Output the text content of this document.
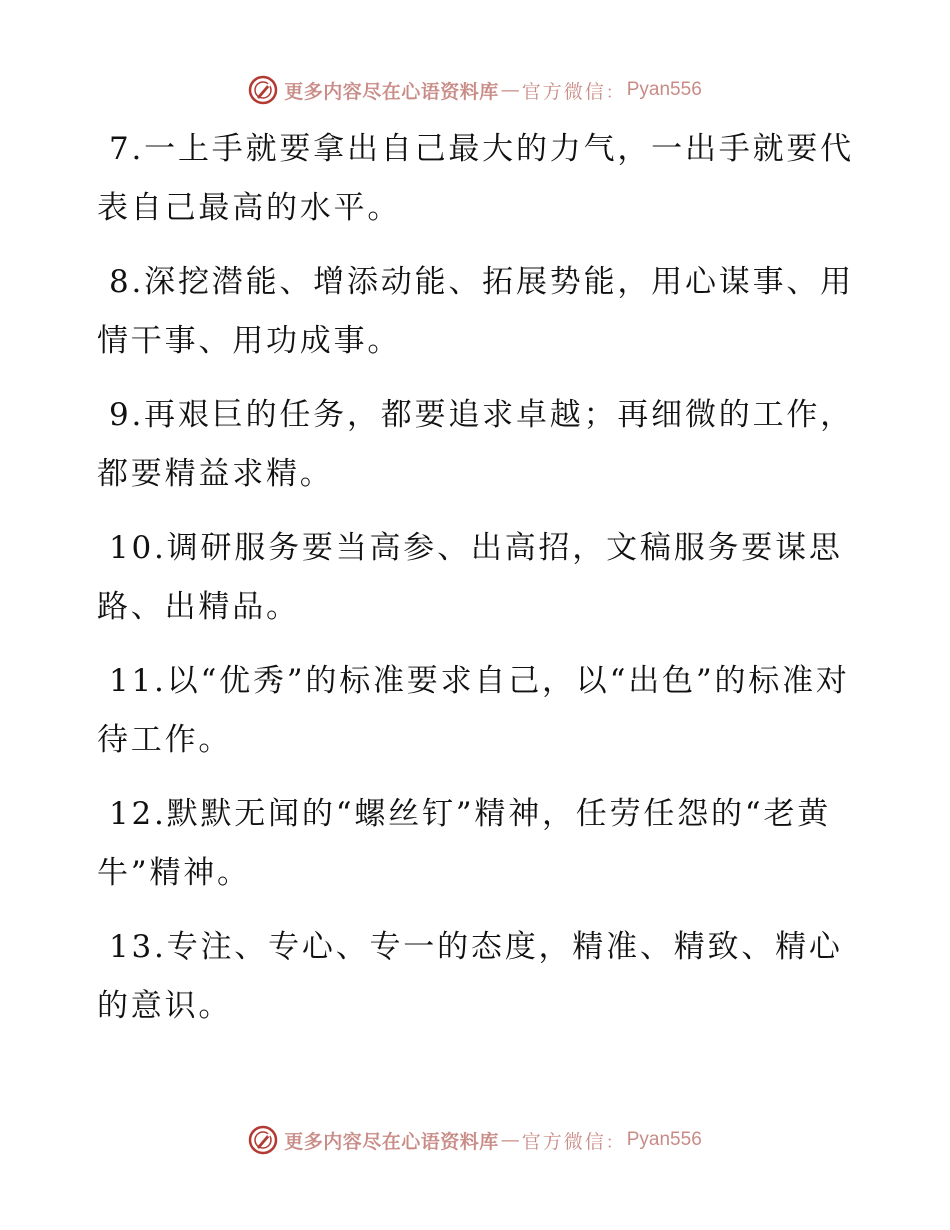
更多内容尽在心语资料库 — 官方微信 ： Pyan556

7.一上手就要拿出自己最大的力气，一出手就要代表自己最高的水平。

8.深挖潜能、增添动能、拓展势能，用心谋事、用情干事、用功成事。

9.再艰巨的任务，都要追求卓越；再细微的工作，都要精益求精。

10.调研服务要当高参、出高招，文稿服务要谋思路、出精品。

11.以“优秀”的标准要求自己，以“出色”的标准对待工作。

12.默默无闻的“螺丝钉”精神，任劳任怨的“老黄牛”精神。

13.专注、专心、专一的态度，精准、精致、精心的意识。

更多内容尽在心语资料库 — 官方微信 ： Pyan556
